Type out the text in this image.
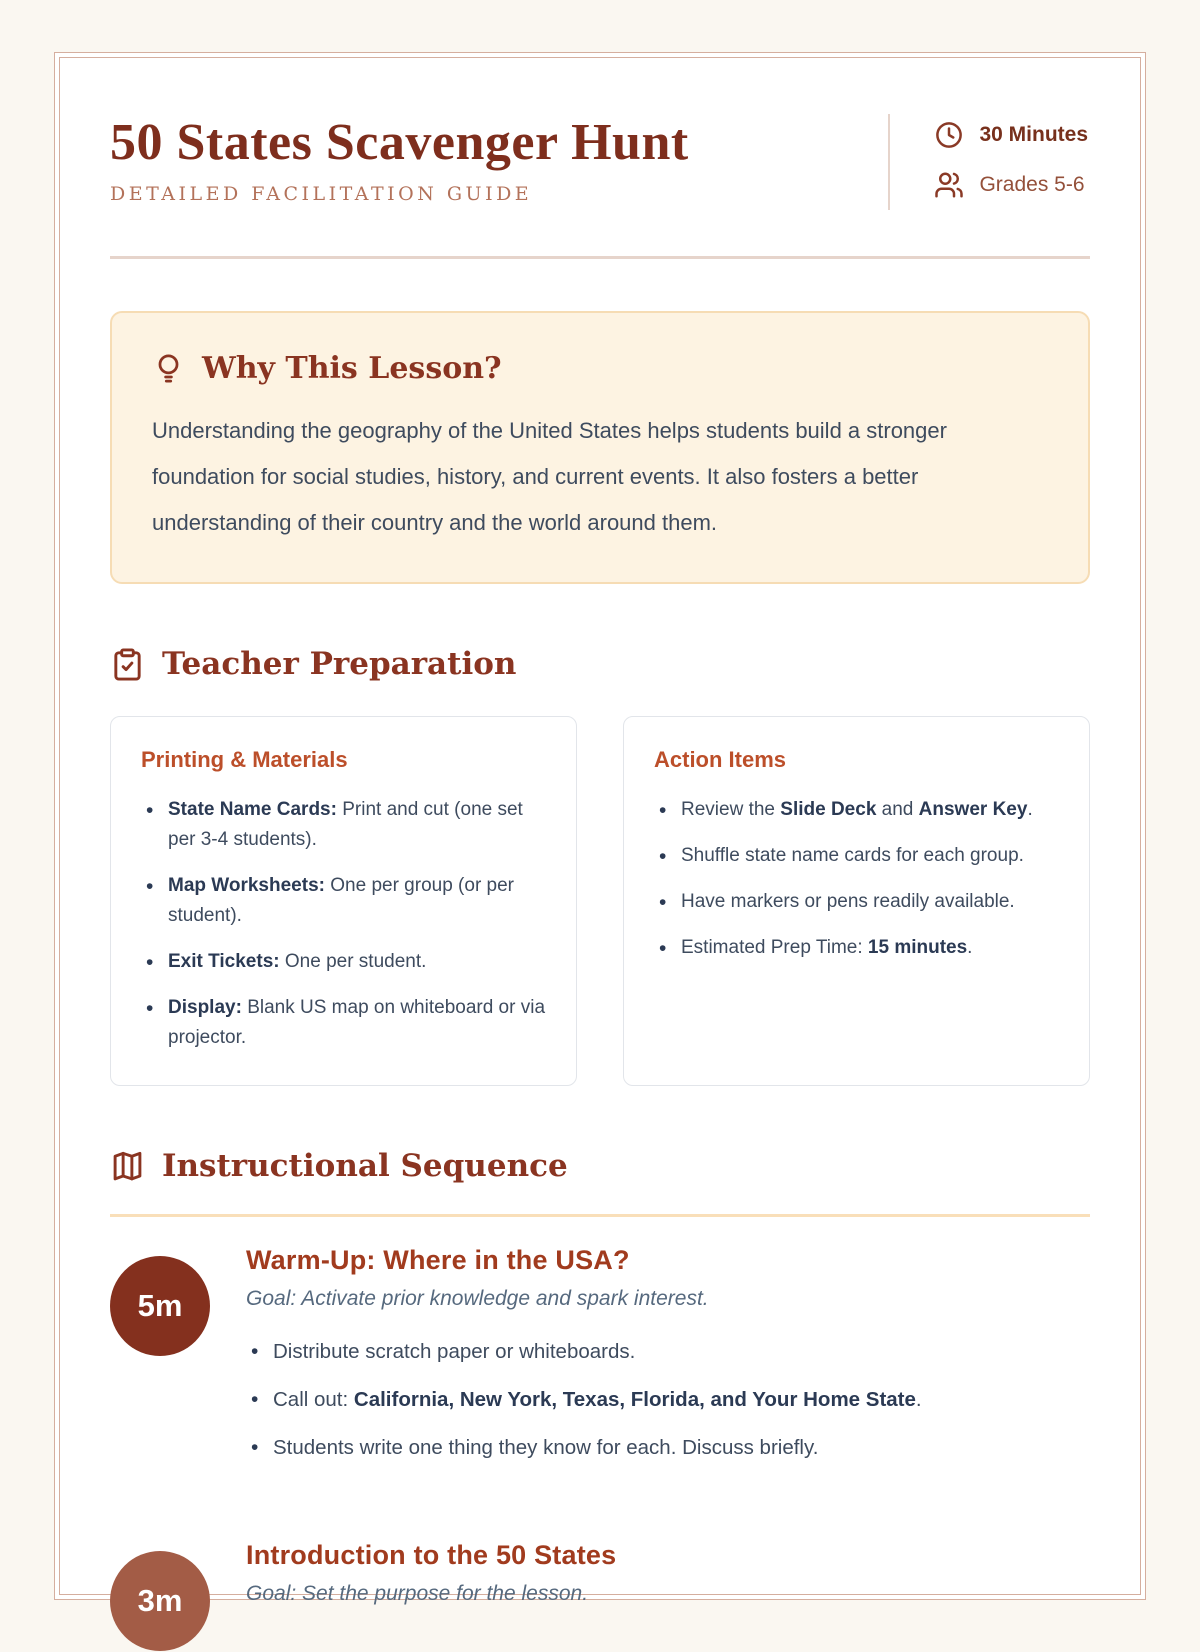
50 States Scavenger Hunt

DETAILED FACILITATION GUIDE

30 Minutes
Grades 5-6
Why This Lesson?

Understanding the geography of the United States helps students build a stronger foundation for social studies, history, and current events. It also fosters a better understanding of their country and the world around them.

Teacher Preparation
Printing & Materials
• State Name Cards: Print and cut (one set per 3-4 students).
• Map Worksheets: One per group (or per student).
• Exit Tickets: One per student.
• Display: Blank US map on whiteboard or via projector.
Action Items
• Review the Slide Deck and Answer Key.
• Shuffle state name cards for each group.
• Have markers or pens readily available.
• Estimated Prep Time: 15 minutes.
Instructional Sequence
5m
Warm-Up: Where in the USA?

Goal: Activate prior knowledge and spark interest.

• Distribute scratch paper or whiteboards.
• Call out: California, New York, Texas, Florida, and Your Home State.
• Students write one thing they know for each. Discuss briefly.
3m
Introduction to the 50 States

Goal: Set the purpose for the lesson.
